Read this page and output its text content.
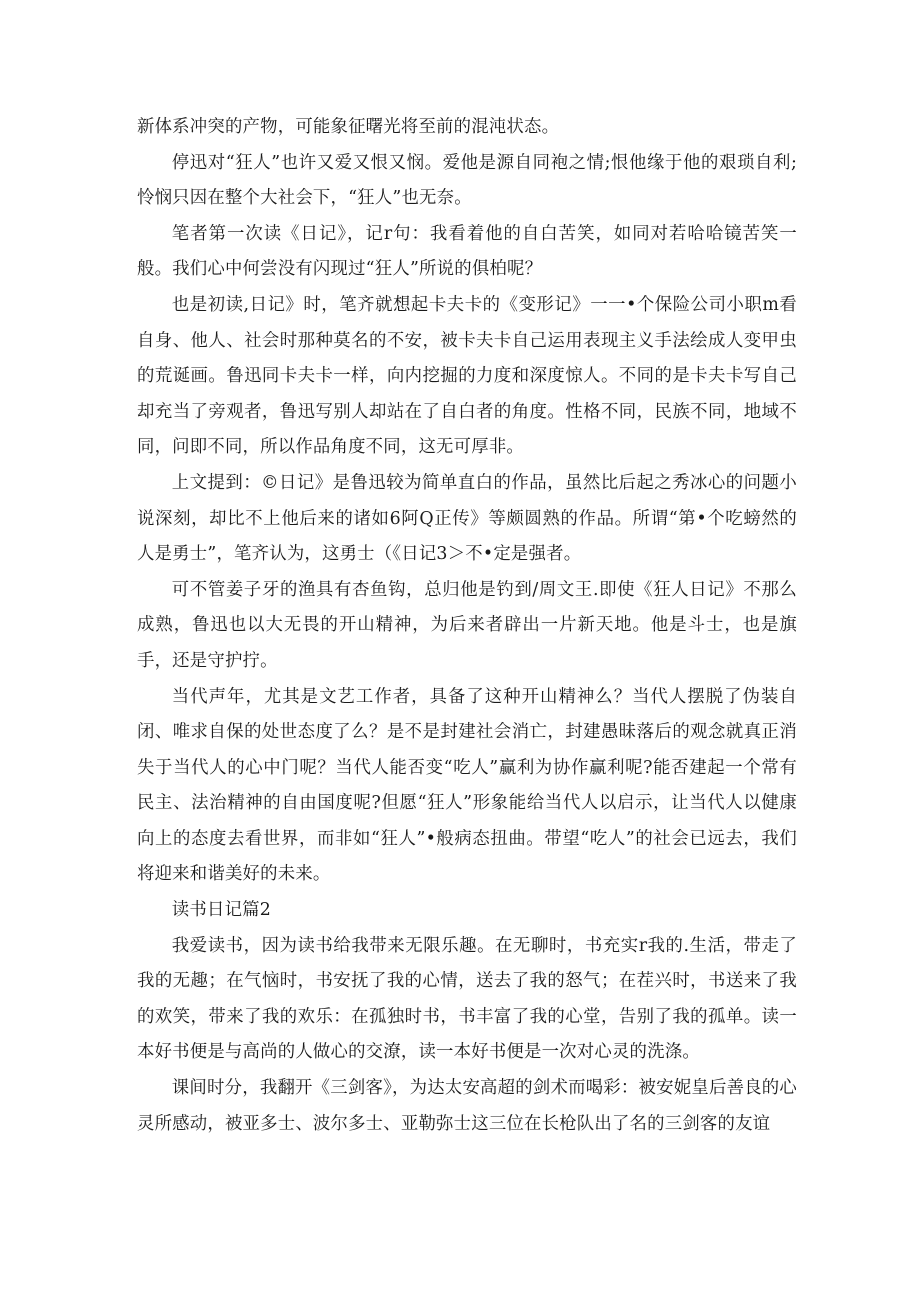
新体系冲突的产物，可能象征曙光将至前的混沌状态。

停迅对“狂人”也许又爱又恨又悯。爱他是源自同袍之情;恨他缘于他的艰琐自利;怜悯只因在整个大社会下，“狂人”也无奈。

笔者第一次读《日记》，记r句：我看着他的自白苦笑，如同对若哈哈镜苦笑一般。我们心中何尝没有闪现过“狂人”所说的俱柏呢？

也是初读,日记》时，笔齐就想起卡夫卡的《变形记》一一•个保险公司小职m看自身、他人、社会时那种莫名的不安，被卡夫卡自己运用表现主义手法绘成人变甲虫的荒诞画。鲁迅同卡夫卡一样，向内挖掘的力度和深度惊人。不同的是卡夫卡写自己却充当了旁观者，鲁迅写别人却站在了自白者的角度。性格不同，民族不同，地域不同，问即不同，所以作品角度不同，这无可厚非。

上文提到：©日记》是鲁迅较为简单直白的作品，虽然比后起之秀冰心的问题小说深刻，却比不上他后来的诸如6阿Q正传》等颇圆熟的作品。所谓“第•个吃螃然的人是勇士”，笔齐认为，这勇士（《日记3＞不•定是强者。

可不管姜子牙的渔具有杏鱼钩，总归他是钓到/周文王.即使《狂人日记》不那么成熟，鲁迅也以大无畏的开山精神，为后来者辟出一片新天地。他是斗士，也是旗手，还是守护拧。

当代声年，尤其是文艺工作者，具备了这种开山精神么？当代人摆脱了伪装自闭、唯求自保的处世态度了么？是不是封建社会消亡，封建愚昧落后的观念就真正消失于当代人的心中门呢？当代人能否变“吃人”赢利为协作赢利呢?能否建起一个常有民主、法治精神的自由国度呢?但愿“狂人”形象能给当代人以启示，让当代人以健康向上的态度去看世界，而非如“狂人”•般病态扭曲。带望“吃人”的社会已远去，我们将迎来和谐美好的未来。

读书日记篇2

我爱读书，因为读书给我带来无限乐趣。在无聊时，书充实r我的.生活，带走了我的无趣；在气恼时，书安抚了我的心情，送去了我的怒气；在茬兴时，书送来了我的欢笑，带来了我的欢乐：在孤独时书，书丰富了我的心堂，告别了我的孤单。读一本好书便是与高尚的人做心的交潦，读一本好书便是一次对心灵的洗涤。

课间时分，我翻开《三剑客》，为达太安高超的剑术而喝彩：被安妮皇后善良的心灵所感动，被亚多士、波尔多士、亚勒弥士这三位在长枪队出了名的三剑客的友谊
